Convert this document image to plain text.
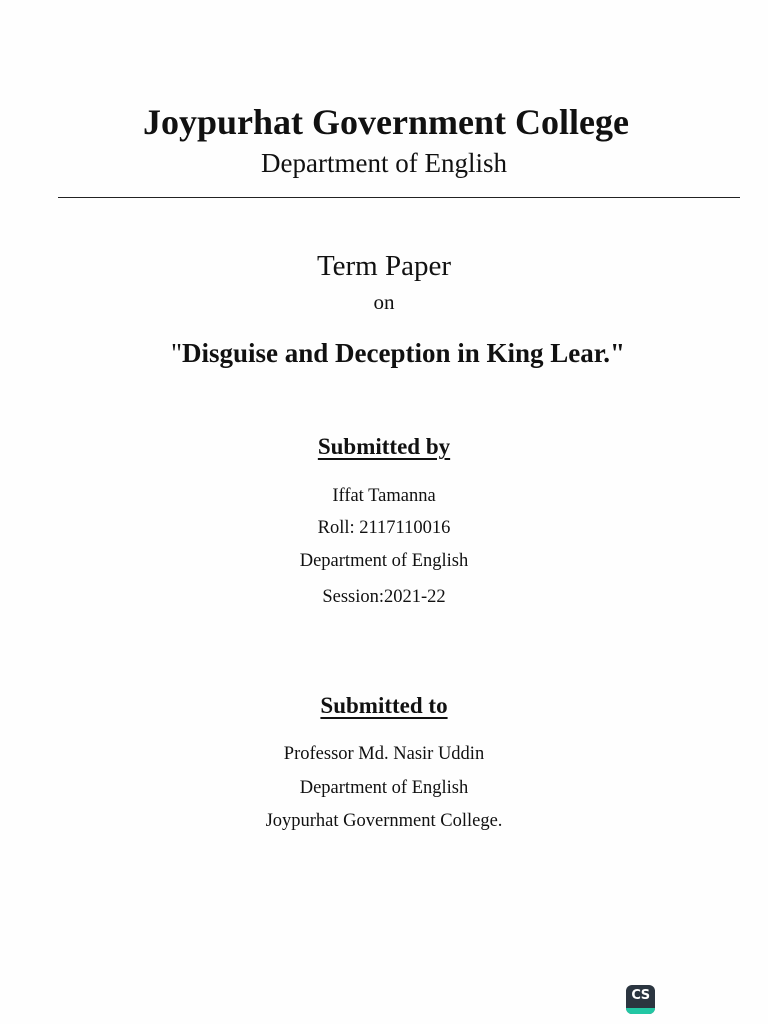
Joypurhat Government College
Department of English
Term Paper
on
"Disguise and Deception in King Lear."
Submitted by
Iffat Tamanna
Roll: 2117110016
Department of English
Session:2021-22
Submitted to
Professor Md. Nasir Uddin
Department of English
Joypurhat Government College.
CS
